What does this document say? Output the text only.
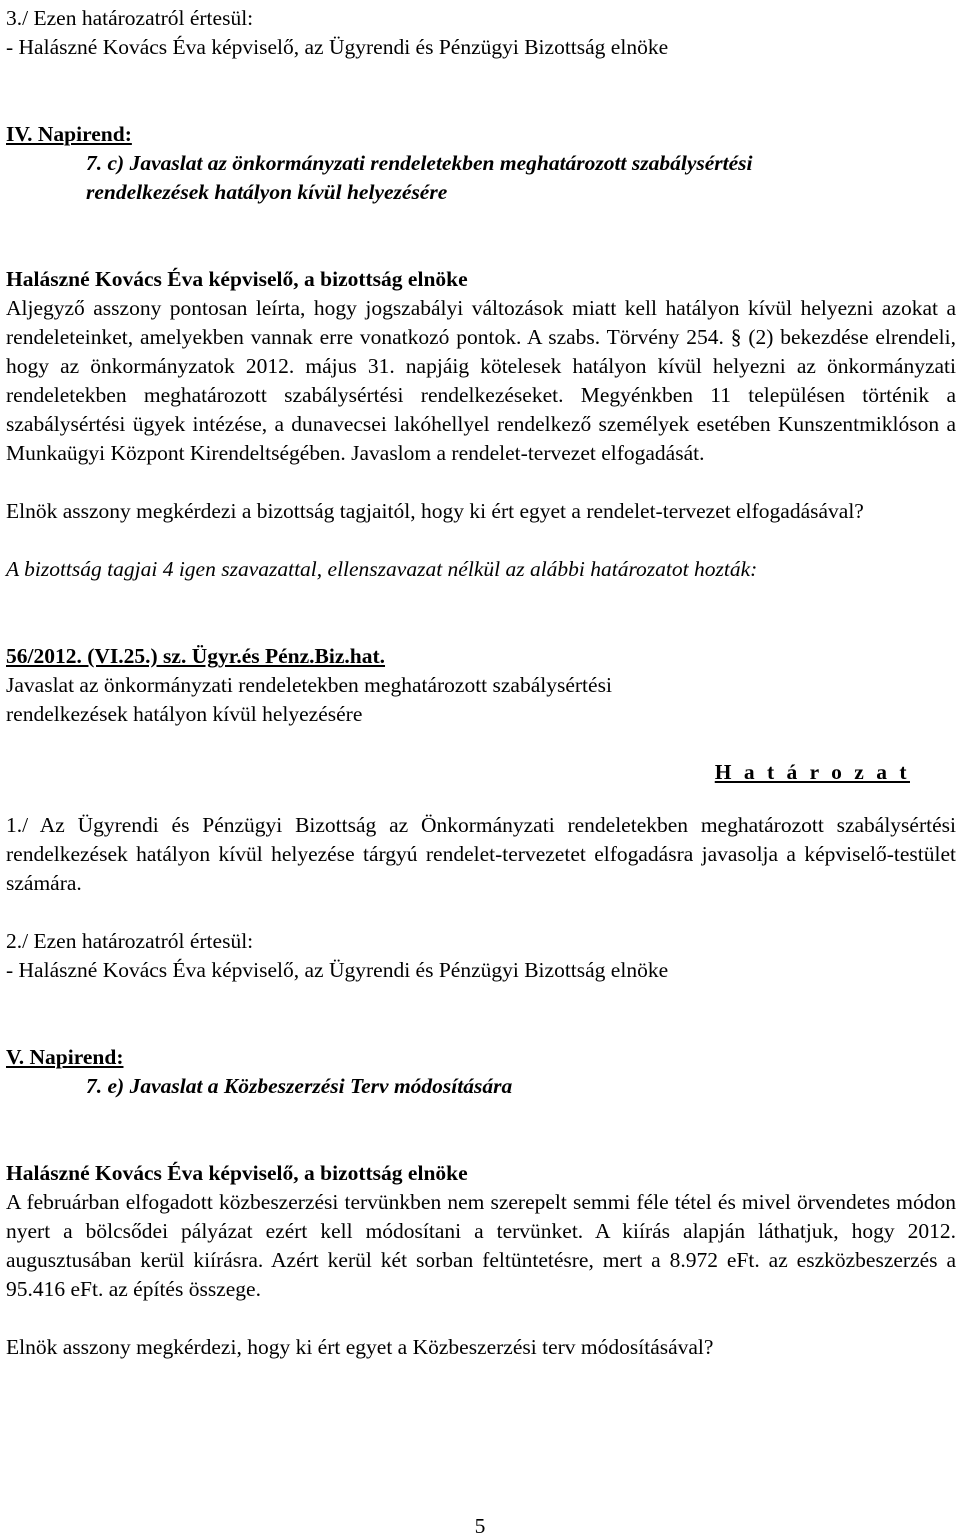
3./ Ezen határozatról értesül:

- Halászné Kovács Éva képviselő, az Ügyrendi és Pénzügyi Bizottság elnöke

IV. Napirend:

7. c) Javaslat az önkormányzati rendeletekben meghatározott szabálysértési

rendelkezések hatályon kívül helyezésére

Halászné Kovács Éva képviselő, a bizottság elnöke

Aljegyző asszony pontosan leírta, hogy jogszabályi változások miatt kell hatályon kívül helyezni azokat a rendeleteinket, amelyekben vannak erre vonatkozó pontok. A szabs. Törvény 254. § (2) bekezdése elrendeli, hogy az önkormányzatok 2012. május 31. napjáig kötelesek hatályon kívül helyezni az önkormányzati rendeletekben meghatározott szabálysértési rendelkezéseket. Megyénkben 11 településen történik a szabálysértési ügyek intézése, a dunavecsei lakóhellyel rendelkező személyek esetében Kunszentmiklóson a Munkaügyi Központ Kirendeltségében. Javaslom a rendelet-tervezet elfogadását.

Elnök asszony megkérdezi a bizottság tagjaitól, hogy ki ért egyet a rendelet-tervezet elfogadásával?

A bizottság tagjai 4 igen szavazattal, ellenszavazat nélkül az alábbi határozatot hozták:

56/2012. (VI.25.) sz. Ügyr.és Pénz.Biz.hat.

Javaslat az önkormányzati rendeletekben meghatározott szabálysértési

rendelkezések hatályon kívül helyezésére

H a t á r o z a t

1./ Az Ügyrendi és Pénzügyi Bizottság az Önkormányzati rendeletekben meghatározott szabálysértési rendelkezések hatályon kívül helyezése tárgyú rendelet-tervezetet elfogadásra javasolja a képviselő-testület számára.

2./ Ezen határozatról értesül:

- Halászné Kovács Éva képviselő, az Ügyrendi és Pénzügyi Bizottság elnöke

V. Napirend:

7. e) Javaslat a Közbeszerzési Terv módosítására

Halászné Kovács Éva képviselő, a bizottság elnöke

A februárban elfogadott közbeszerzési tervünkben nem szerepelt semmi féle tétel és mivel örvendetes módon nyert a bölcsődei pályázat ezért kell módosítani a tervünket. A kiírás alapján láthatjuk, hogy 2012. augusztusában kerül kiírásra. Azért kerül két sorban feltüntetésre, mert a 8.972 eFt. az eszközbeszerzés a 95.416 eFt. az építés összege.

Elnök asszony megkérdezi, hogy ki ért egyet a Közbeszerzési terv módosításával?

5
